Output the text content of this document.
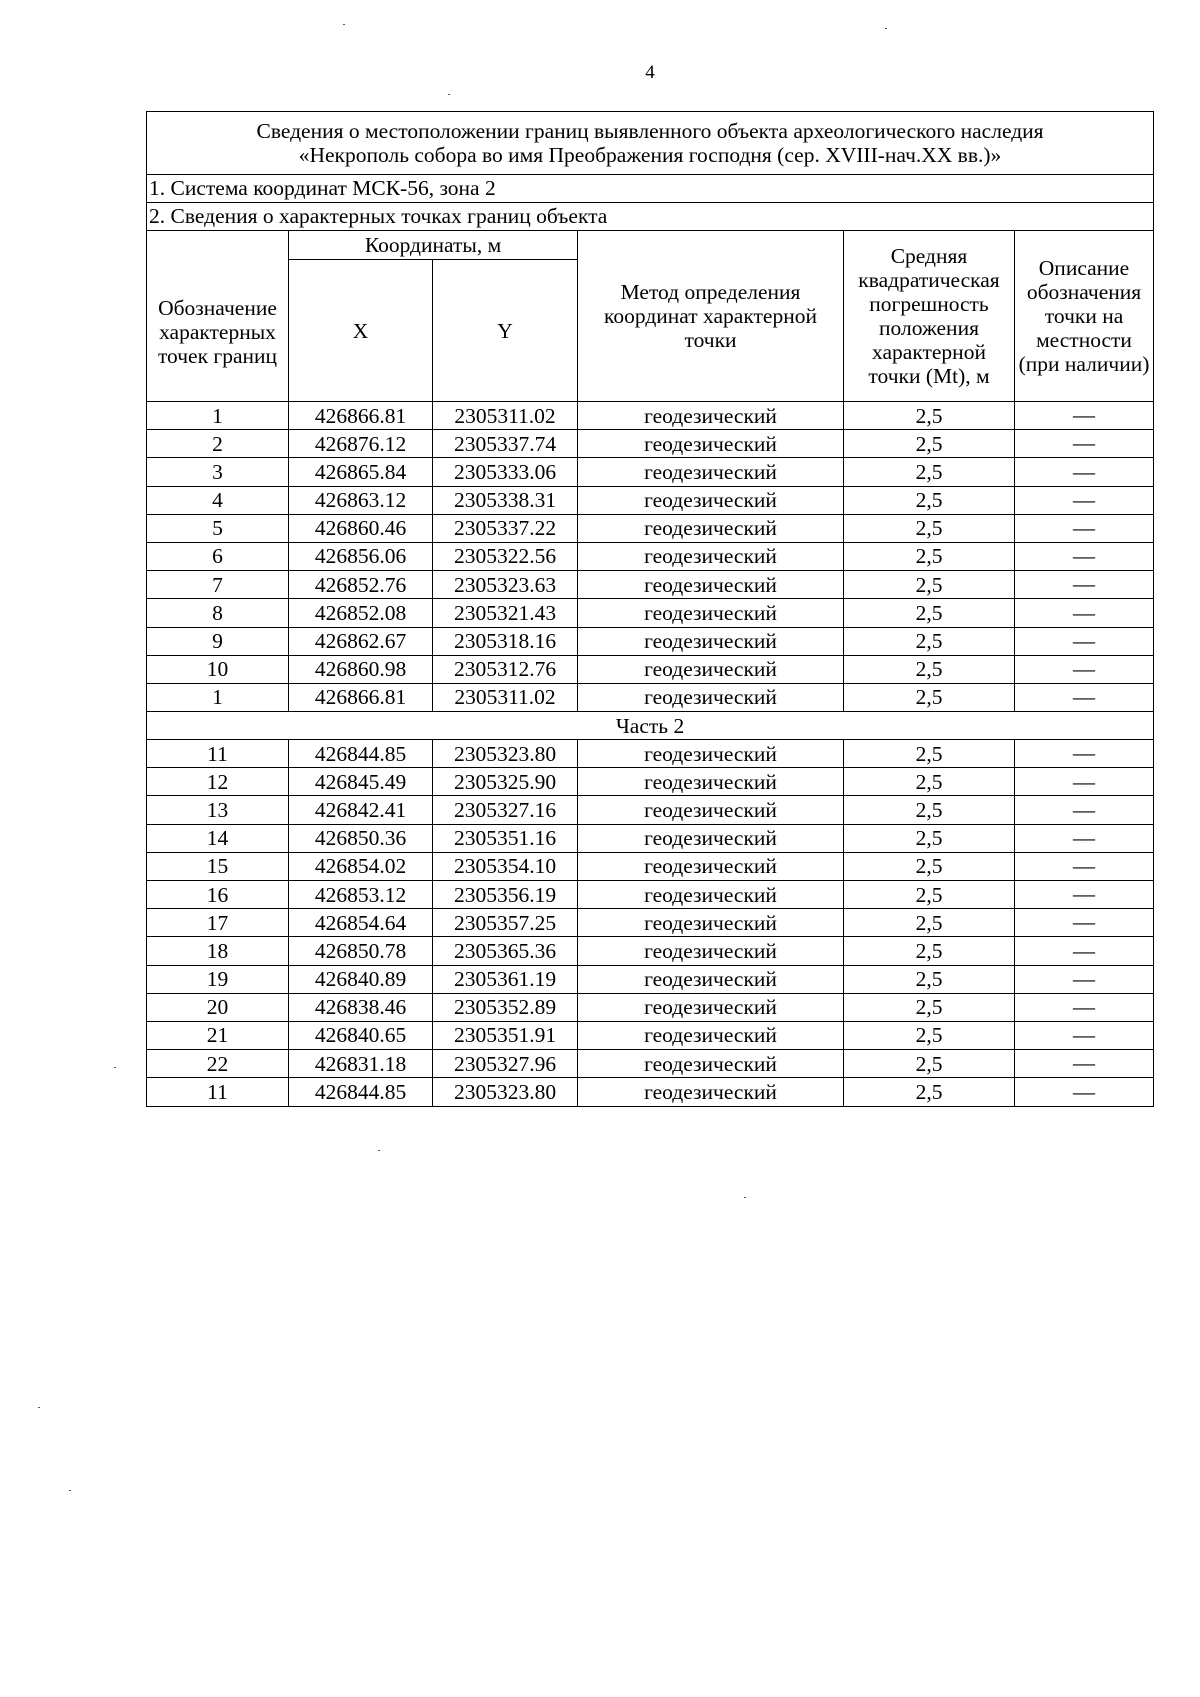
4
Сведения о местоположении границ выявленного объекта археологического наследия
«Некрополь собора во имя Преображения господня (сер. XVIII-нач.XX вв.)»					

1. Система координат МСК-56, зона 2					
2. Сведения о характерных точках границ объекта					
Обозначение характерных точек границ	Координаты, м		Метод определения координат характерной точки	Средняя квадратическая погрешность положения характерной точки (Mt), м	Описание обозначения точки на местности (при наличии)
	X	Y			
1	426866.81	2305311.02	геодезический	2,5	—
2	426876.12	2305337.74	геодезический	2,5	—
3	426865.84	2305333.06	геодезический	2,5	—
4	426863.12	2305338.31	геодезический	2,5	—
5	426860.46	2305337.22	геодезический	2,5	—
6	426856.06	2305322.56	геодезический	2,5	—
7	426852.76	2305323.63	геодезический	2,5	—
8	426852.08	2305321.43	геодезический	2,5	—
9	426862.67	2305318.16	геодезический	2,5	—
10	426860.98	2305312.76	геодезический	2,5	—
1	426866.81	2305311.02	геодезический	2,5	—
Часть 2					
11	426844.85	2305323.80	геодезический	2,5	—
12	426845.49	2305325.90	геодезический	2,5	—
13	426842.41	2305327.16	геодезический	2,5	—
14	426850.36	2305351.16	геодезический	2,5	—
15	426854.02	2305354.10	геодезический	2,5	—
16	426853.12	2305356.19	геодезический	2,5	—
17	426854.64	2305357.25	геодезический	2,5	—
18	426850.78	2305365.36	геодезический	2,5	—
19	426840.89	2305361.19	геодезический	2,5	—
20	426838.46	2305352.89	геодезический	2,5	—
21	426840.65	2305351.91	геодезический	2,5	—
22	426831.18	2305327.96	геодезический	2,5	—
11	426844.85	2305323.80	геодезический	2,5	—
